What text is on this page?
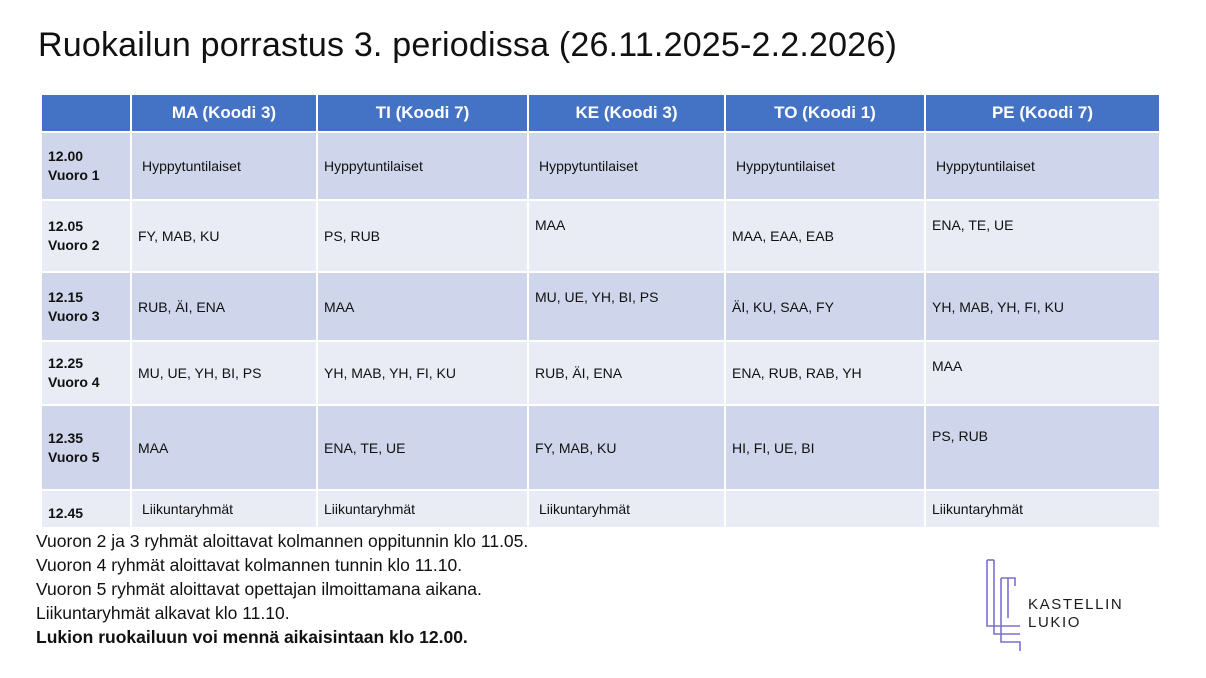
Ruokailun porrastus 3. periodissa (26.11.2025-2.2.2026)
	MA (Koodi 3)	TI (Koodi 7)	KE (Koodi 3)	TO (Koodi 1)	PE (Koodi 7)

12.00
Vuoro 1	Hyppytuntilaiset	Hyppytuntilaiset	Hyppytuntilaiset	Hyppytuntilaiset	Hyppytuntilaiset

12.05
Vuoro 2	FY, MAB, KU	PS, RUB	MAA	MAA, EAA, EAB	ENA, TE, UE

12.15
Vuoro 3	RUB, ÄI, ENA	MAA	MU, UE, YH, BI, PS	ÄI, KU, SAA, FY	YH, MAB, YH, FI, KU

12.25
Vuoro 4	MU, UE, YH, BI, PS	YH, MAB, YH, FI, KU	RUB, ÄI, ENA	ENA, RUB, RAB, YH	MAA

12.35
Vuoro 5	MAA	ENA, TE, UE	FY, MAB, KU	HI, FI, UE, BI	PS, RUB

12.45	Liikuntaryhmät	Liikuntaryhmät	Liikuntaryhmät		Liikuntaryhmät
Vuoron 2 ja 3 ryhmät aloittavat kolmannen oppitunnin klo 11.05.
Vuoron 4 ryhmät aloittavat kolmannen tunnin klo 11.10.
Vuoron 5 ryhmät aloittavat opettajan ilmoittamana aikana.
Liikuntaryhmät alkavat klo 11.10.
Lukion ruokailuun voi mennä aikaisintaan klo 12.00.
KASTELLIN
LUKIO
